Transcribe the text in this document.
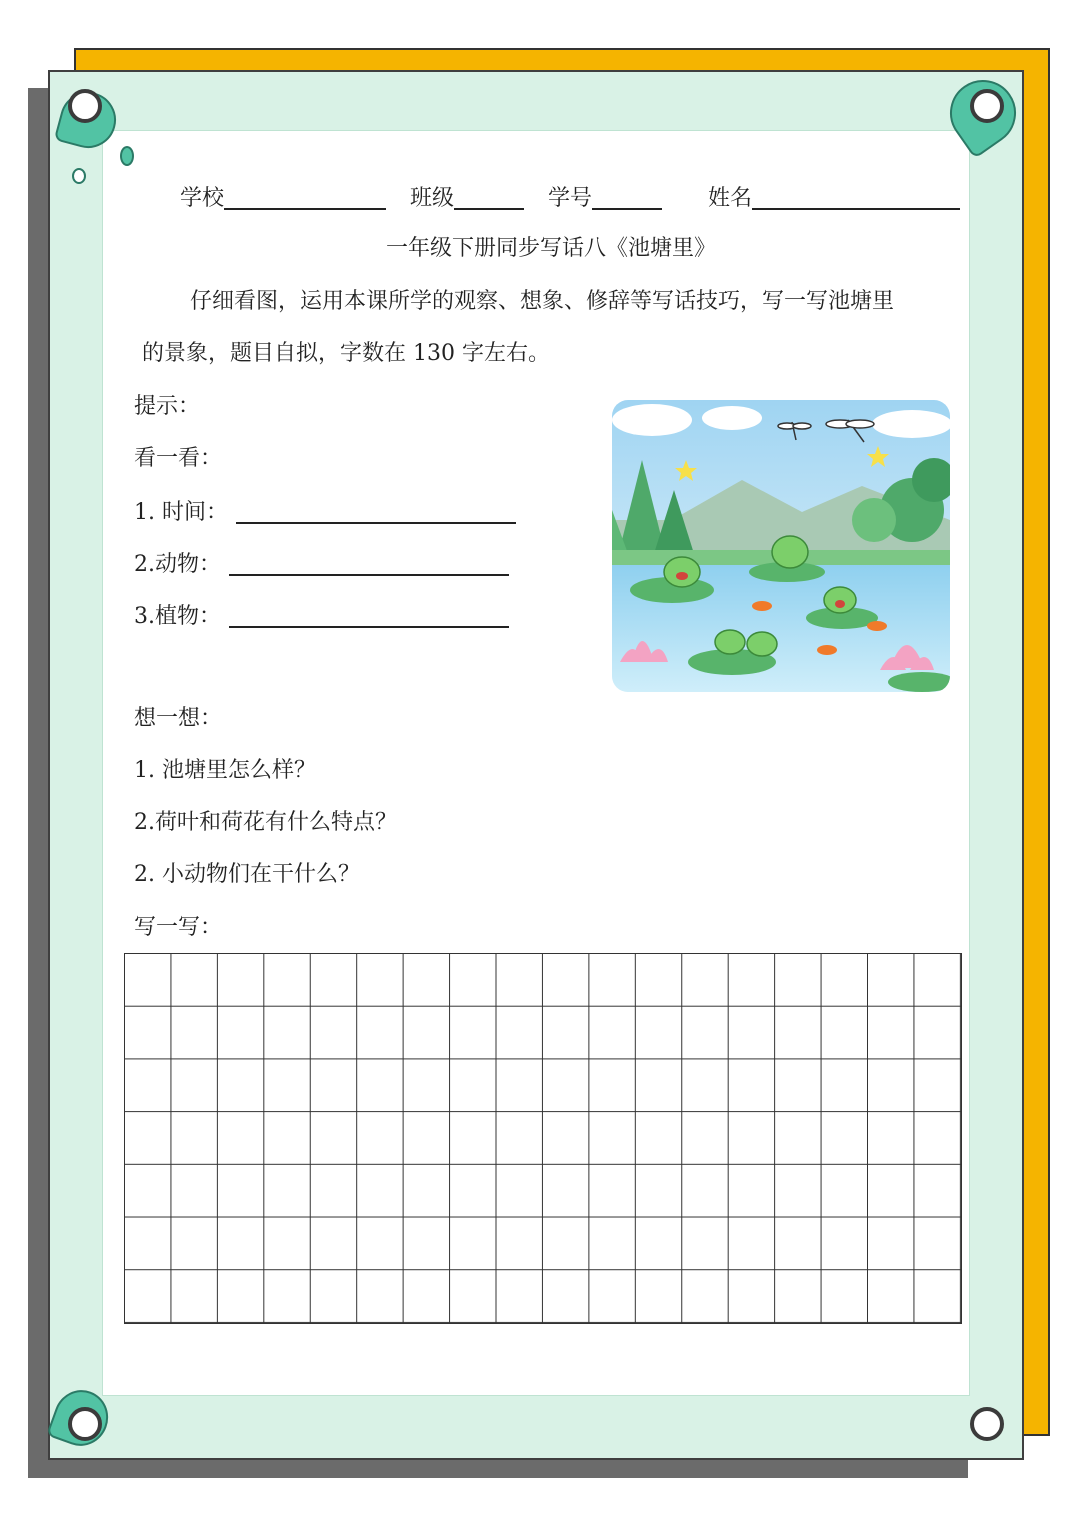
学校	班级	学号	姓名
一年级下册同步写话八《池塘里》
仔细看图，运用本课所学的观察、想象、修辞等写话技巧，写一写池塘里
的景象，题目自拟，字数在 130 字左右。
提示：
看一看：
1. 时间：
2.动物：
3.植物：
想一想：
1. 池塘里怎么样？
2.荷叶和荷花有什么特点？
2. 小动物们在干什么？
写一写：
